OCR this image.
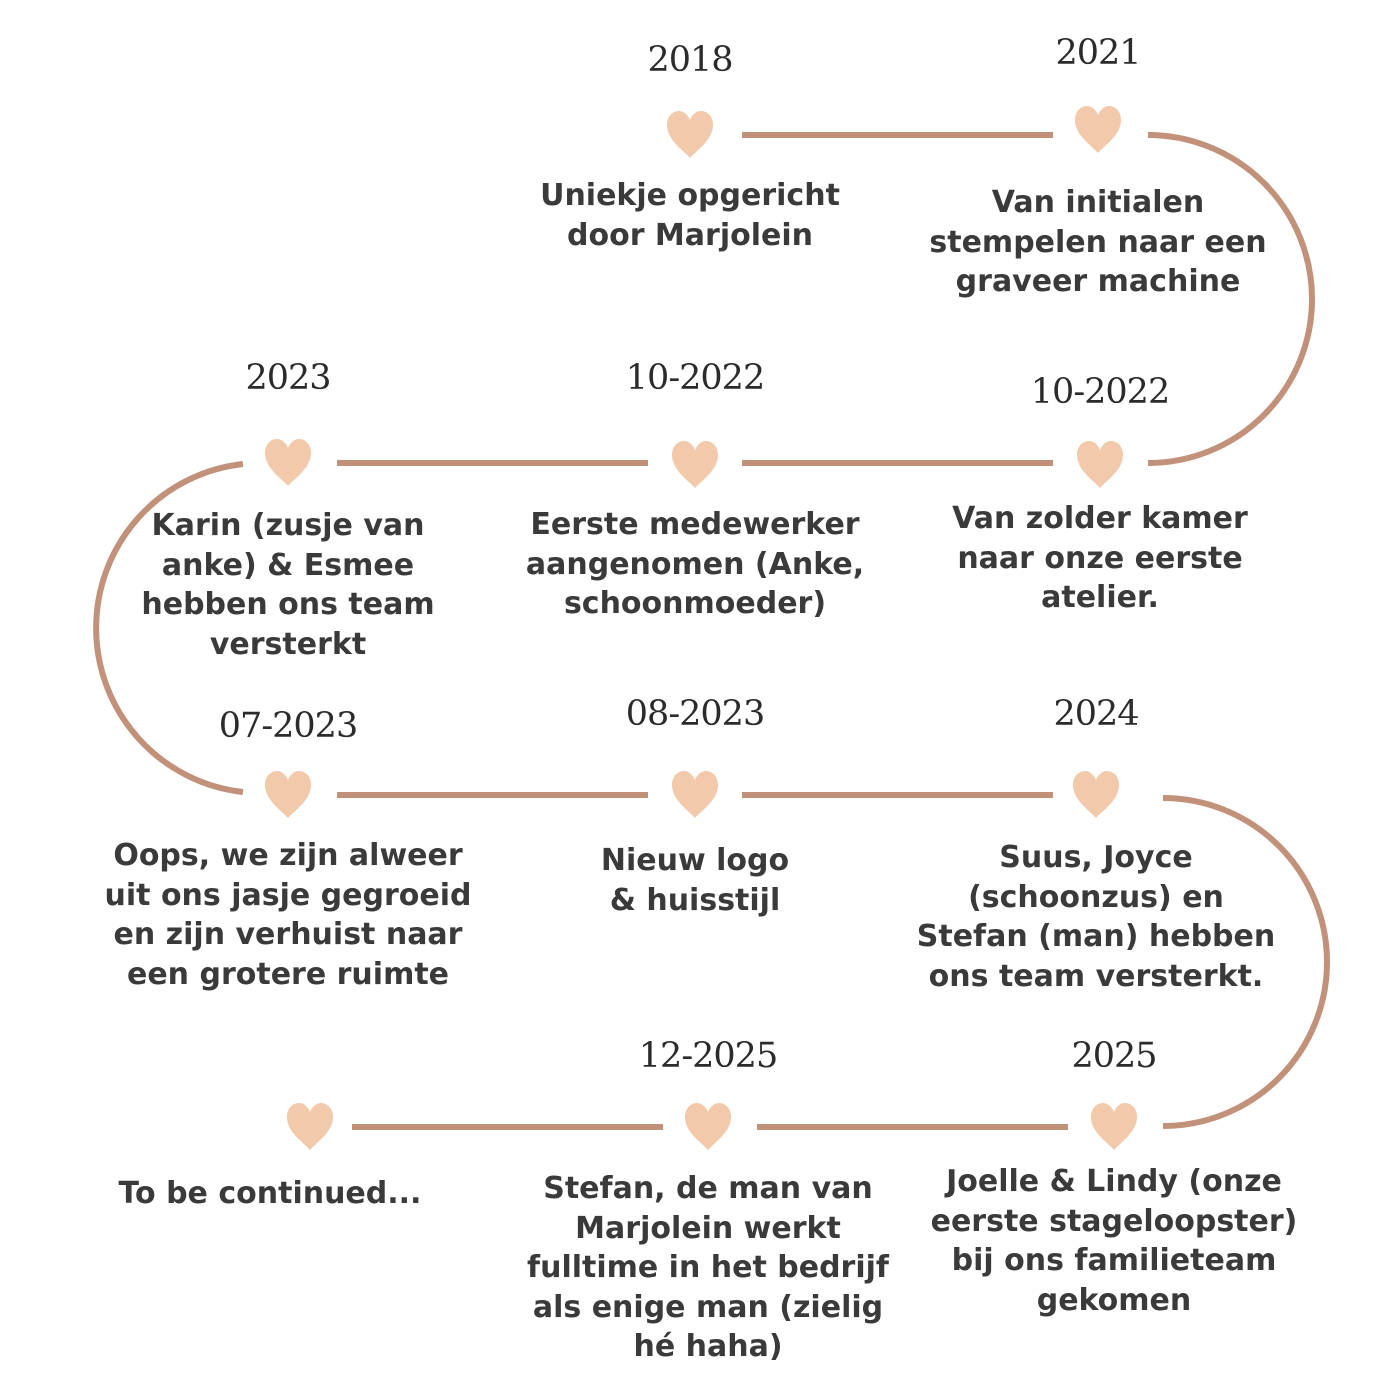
2018
Uniekje opgericht
door Marjolein
2021
Van initialen
stempelen naar een
graveer machine
10-2022
Van zolder kamer
naar onze eerste
atelier.
10-2022
Eerste medewerker
aangenomen (Anke,
schoonmoeder)
2023
Karin (zusje van
anke) & Esmee
hebben ons team
versterkt
07-2023
Oops, we zijn alweer
uit ons jasje gegroeid
en zijn verhuist naar
een grotere ruimte
08-2023
Nieuw logo
& huisstijl
2024
Suus, Joyce
(schoonzus) en
Stefan (man) hebben
ons team versterkt.
2025
Joelle & Lindy (onze
eerste stageloopster)
bij ons familieteam
gekomen
12-2025
Stefan, de man van
Marjolein werkt
fulltime in het bedrijf
als enige man (zielig
hé haha)
To be continued...
